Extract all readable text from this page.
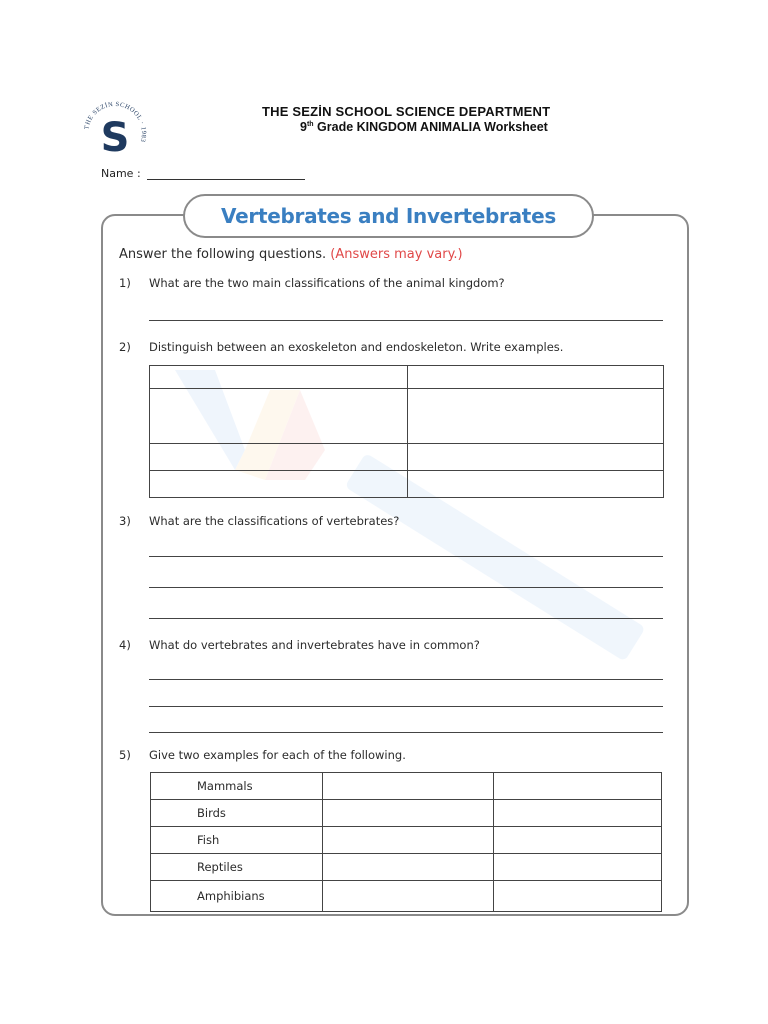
THE SEZİN SCHOOL · 1983
S
THE SEZİN SCHOOL SCIENCE DEPARTMENT
9th Grade KINGDOM ANIMALIA Worksheet
Name :
Vertebrates and Invertebrates
Answer the following questions. (Answers may vary.)
1) What are the two main classifications of the animal kingdom?
2) Distinguish between an exoskeleton and endoskeleton. Write examples.

3) What are the classifications of vertebrates?
4) What do vertebrates and invertebrates have in common?
5) Give two examples for each of the following.
Mammals		
Birds		
Fish		
Reptiles		
Amphibians		
